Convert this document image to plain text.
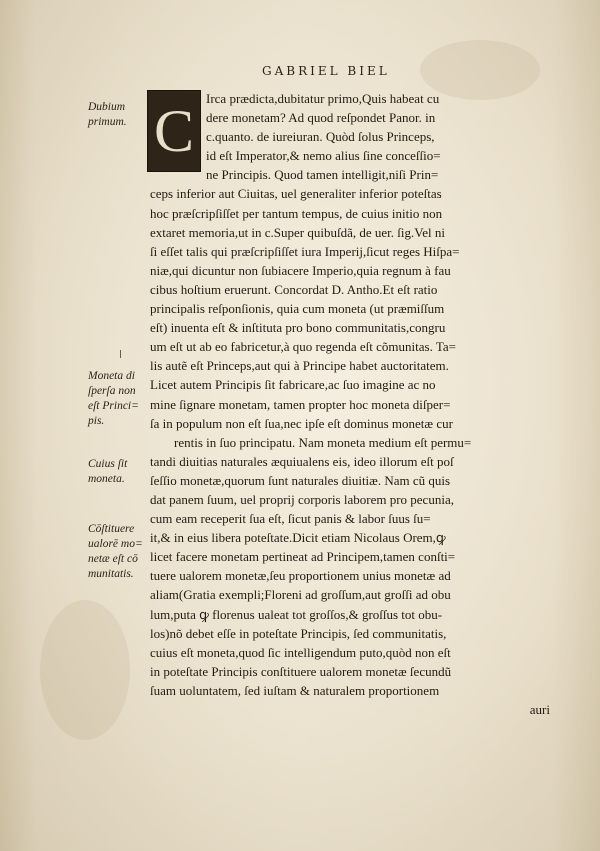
GABRIEL BIEL
Dubium
primum.
Moneta di
ſperſa non
eſt Princi=
pis.
Cuius ſit
moneta.
Cōſtituere
ualorē mo=
netæ eſt cō
munitatis.
C Irca prædicta,dubitatur primo,Quis habeat cu
dere monetam? Ad quod reſpondet Panor. in
c.quanto. de iureiuran. Quòd ſolus Princeps,
id eſt Imperator,& nemo alius ſine conceſſio=
ne Principis. Quod tamen intelligit,niſi Prin=
ceps inferior aut Ciuitas, uel generaliter inferior poteſtas
hoc præſcripſiſſet per tantum tempus, de cuius initio non
extaret memoria,ut in c.Super quibuſdã, de uer. ſig.Vel ni
ſi eſſet talis qui præſcripſiſſet iura Imperij,ſicut reges Hiſpa=
niæ,qui dicuntur non ſubiacere Imperio,quia regnum à fau
cibus hoſtium eruerunt. Concordat D. Antho.Et eſt ratio
principalis reſponſionis, quia cum moneta (ut præmiſſum
eſt) inuenta eſt & inſtituta pro bono communitatis,congru
um eſt ut ab eo fabricetur,à quo regenda eſt cõmunitas. Ta=
lis autẽ eſt Princeps,aut qui à Principe habet auctoritatem.
Licet autem Principis ſit fabricare,ac ſuo imagine ac no
mine ſignare monetam, tamen propter hoc moneta diſper=
ſa in populum non eſt ſua,nec ipſe eſt dominus monetæ cur
rentis in ſuo principatu. Nam moneta medium eſt permu=
tandi diuitias naturales æquiualens eis, ideo illorum eſt poſ
ſeſſio monetæ,quorum ſunt naturales diuitiæ. Nam cũ quis
dat panem ſuum, uel proprij corporis laborem pro pecunia,
cum eam receperit ſua eſt, ſicut panis & labor ſuus ſu=
it,& in eius libera poteſtate.Dicit etiam Nicolaus Orem,ꝙ
licet facere monetam pertineat ad Principem,tamen conſti=
tuere ualorem monetæ,ſeu proportionem unius monetæ ad
aliam(Gratia exempli;Floreni ad groſſum,aut groſſi ad obu
lum,puta ꝙ florenus ualeat tot groſſos,& groſſus tot obu-
los)nõ debet eſſe in poteſtate Principis, ſed communitatis,
cuius eſt moneta,quod ſic intelligendum puto,quòd non eſt
in poteſtate Principis conſtituere ualorem monetæ ſecundũ
ſuam uoluntatem, ſed iuſtam & naturalem proportionem
auri
